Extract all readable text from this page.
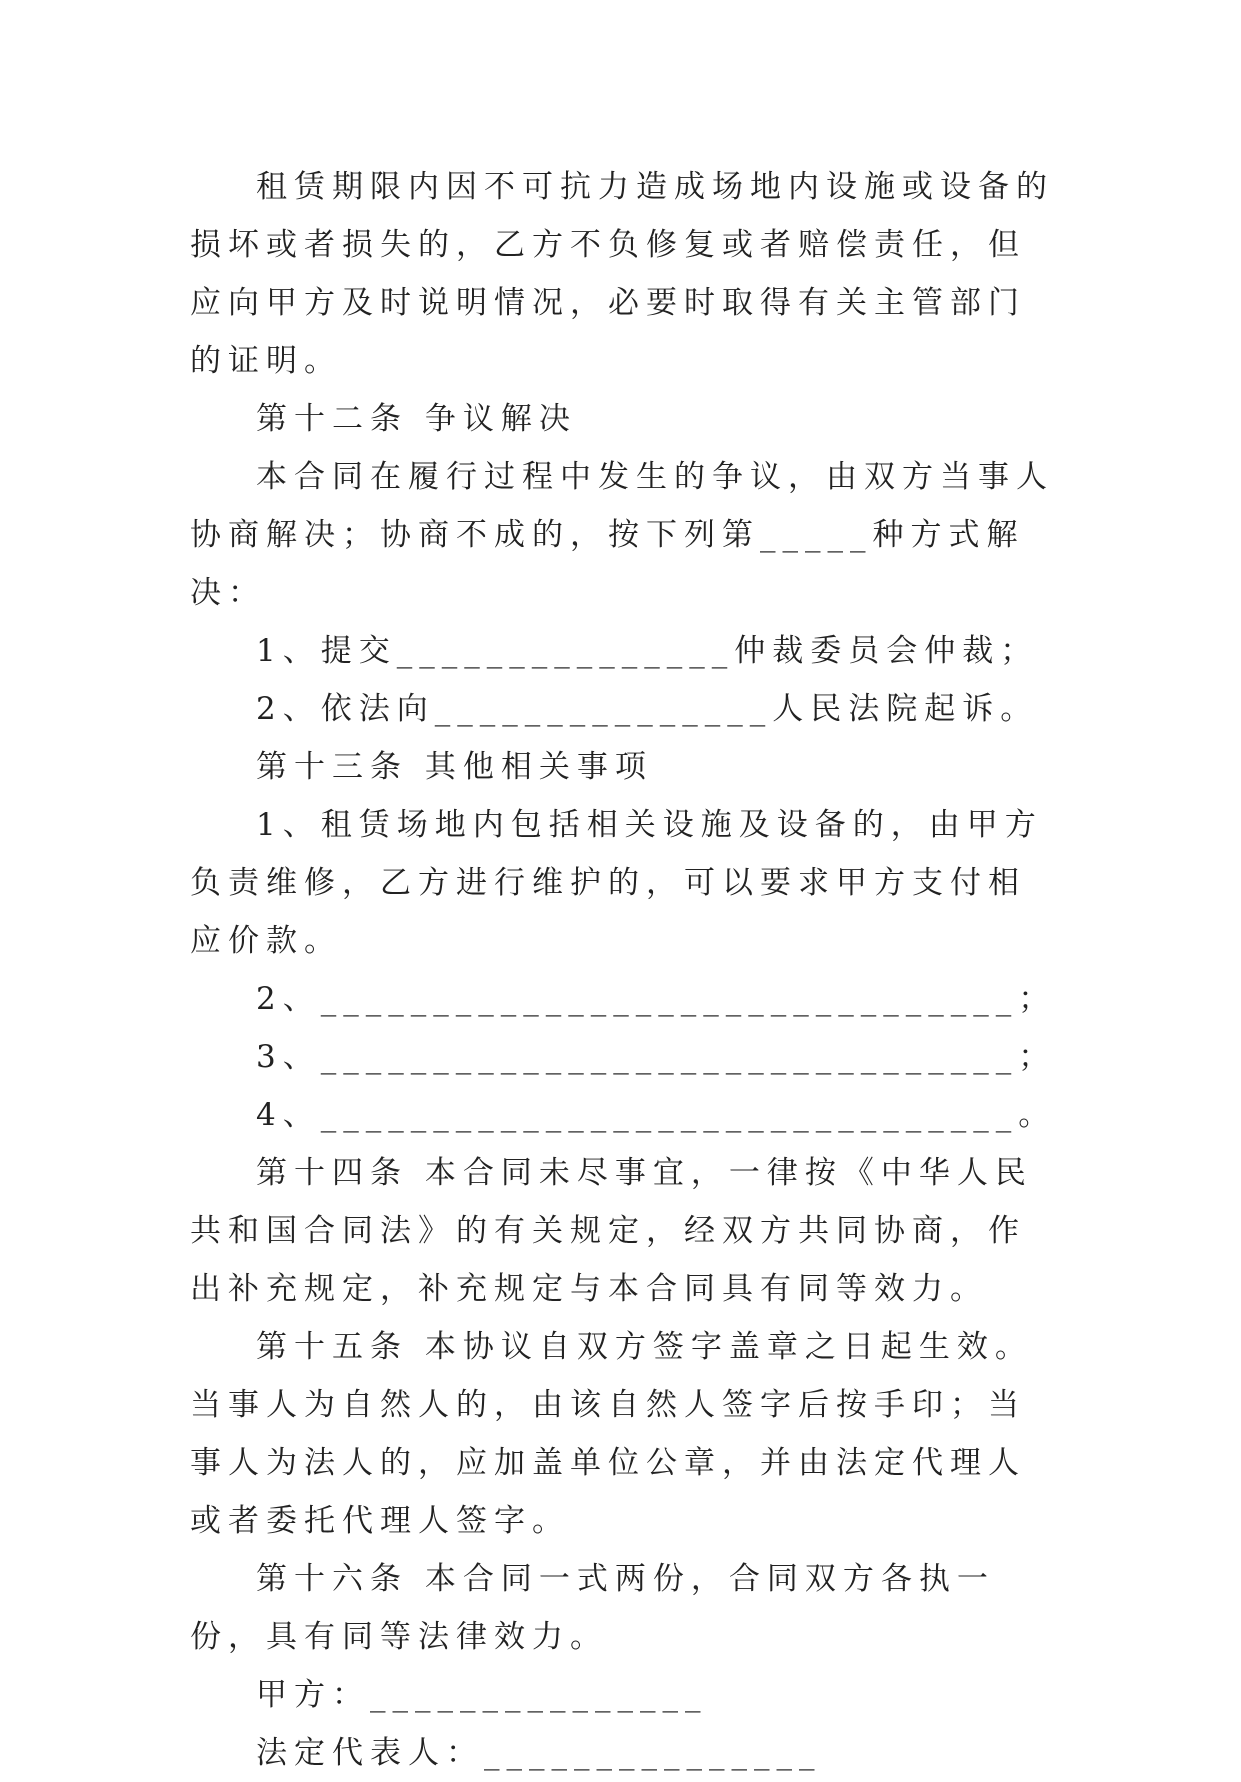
租赁期限内因不可抗力造成场地内设施或设备的损坏或者损失的，乙方不负修复或者赔偿责任，但应向甲方及时说明情况，必要时取得有关主管部门的证明。

第十二条 争议解决

本合同在履行过程中发生的争议，由双方当事人协商解决；协商不成的，按下列第_____种方式解决：

1、提交_______________仲裁委员会仲裁；

2、依法向_______________人民法院起诉。

第十三条 其他相关事项

1、租赁场地内包括相关设施及设备的，由甲方负责维修，乙方进行维护的，可以要求甲方支付相应价款。

2、_______________________________；

3、_______________________________；

4、_______________________________。

第十四条 本合同未尽事宜，一律按《中华人民共和国合同法》的有关规定，经双方共同协商，作出补充规定，补充规定与本合同具有同等效力。

第十五条 本协议自双方签字盖章之日起生效。当事人为自然人的，由该自然人签字后按手印；当事人为法人的，应加盖单位公章，并由法定代理人或者委托代理人签字。

第十六条 本合同一式两份，合同双方各执一份，具有同等法律效力。

甲方：_______________

法定代表人：_______________
